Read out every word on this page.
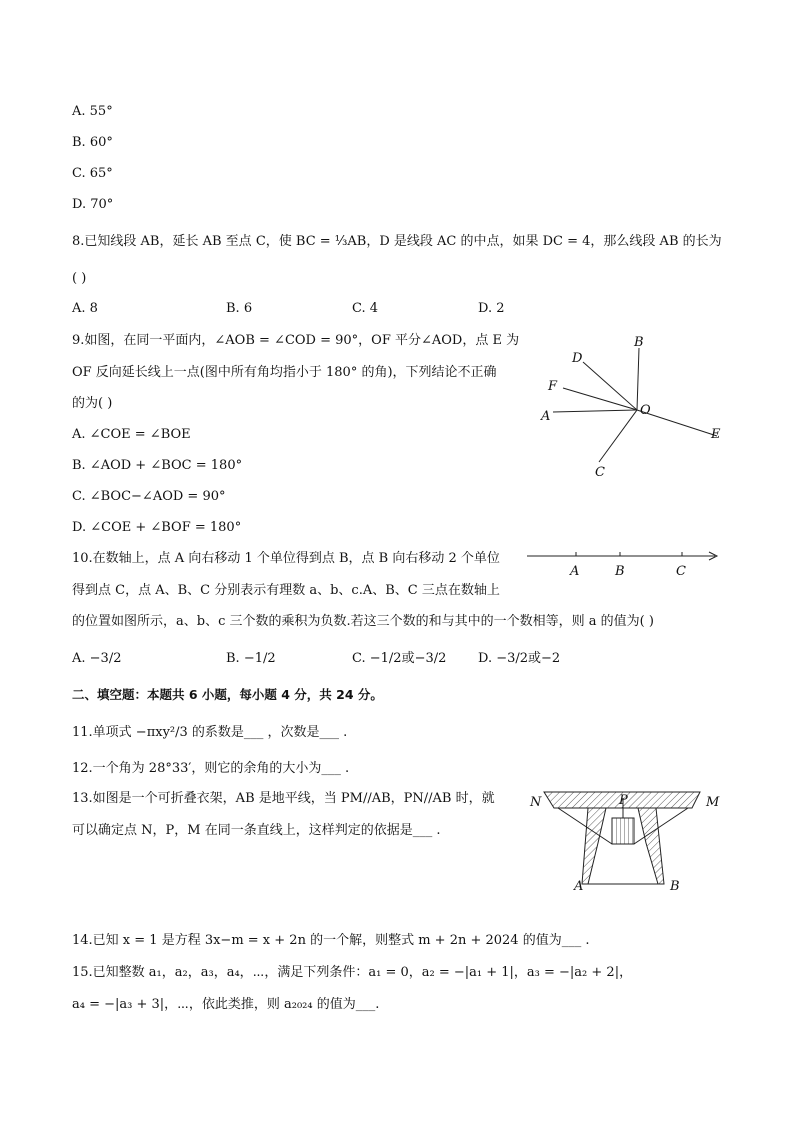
A. 55°
B. 60°
C. 65°
D. 70°
8.已知线段 AB，延长 AB 至点 C，使 BC = ⅓AB，D 是线段 AC 的中点，如果 DC = 4，那么线段 AB 的长为
( )
A. 8	B. 6	C. 4	D. 2
9.如图，在同一平面内，∠AOB = ∠COD = 90°，OF 平分∠AOD，点 E 为
OF 反向延长线上一点(图中所有角均指小于 180° 的角)，下列结论不正确
的为( )
A. ∠COE = ∠BOE
B. ∠AOD + ∠BOC = 180°
C. ∠BOC−∠AOD = 90°
D. ∠COE + ∠BOF = 180°
B
D
F
O
A
E
C
10.在数轴上，点 A 向右移动 1 个单位得到点 B，点 B 向右移动 2 个单位
得到点 C，点 A、B、C 分别表示有理数 a、b、c.A、B、C 三点在数轴上
的位置如图所示，a、b、c 三个数的乘积为负数.若这三个数的和与其中的一个数相等，则 a 的值为( )
A. −3/2	B. −1/2	C. −1/2或−3/2 D. −3/2或−2
A	B	C
二、填空题：本题共 6 小题，每小题 4 分，共 24 分。
11.单项式 −πxy²/3 的系数是___ ，次数是___ .
12.一个角为 28°33′，则它的余角的大小为___ .
13.如图是一个可折叠衣架，AB 是地平线，当 PM//AB，PN//AB 时，就
可以确定点 N，P，M 在同一条直线上，这样判定的依据是___ .
N	P	M
A	B
14.已知 x = 1 是方程 3x−m = x + 2n 的一个解，则整式 m + 2n + 2024 的值为___ .
15.已知整数 a₁，a₂，a₃，a₄，⋯，满足下列条件：a₁ = 0，a₂ = −|a₁ + 1|，a₃ = −|a₂ + 2|，
a₄ = −|a₃ + 3|，⋯，依此类推，则 a₂₀₂₄ 的值为___.
